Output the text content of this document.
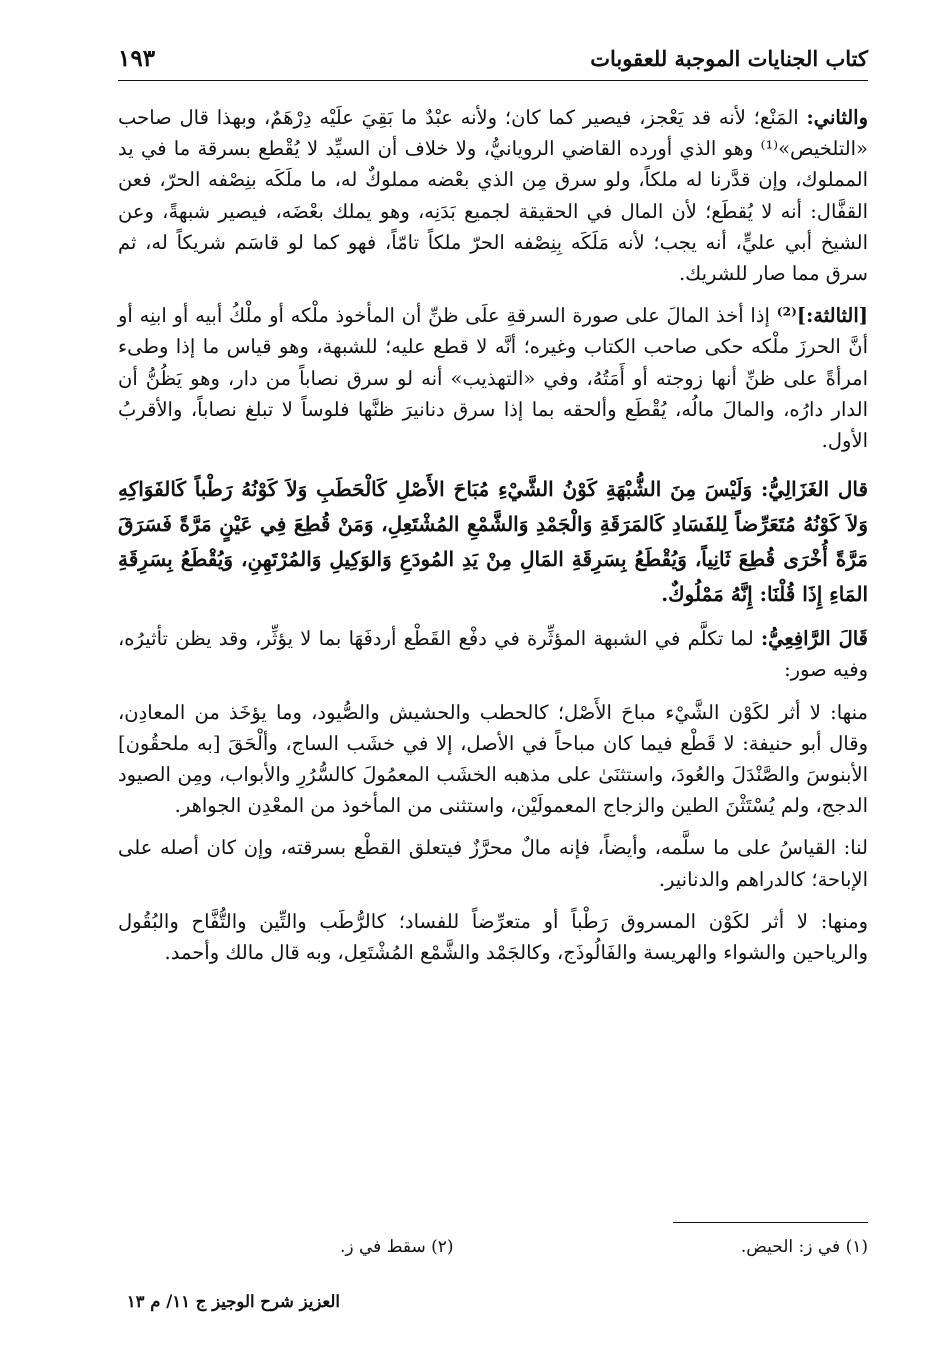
كتاب الجنايات الموجبة للعقوبات
١٩٣

والثاني: المَنْع؛ لأنه قد يَعْجز، فيصير كما كان؛ ولأنه عبْدٌ ما بَقِيَ علَيْه دِرْهَمٌ، وبهذا قال صاحب «التلخيص»⁽¹⁾ وهو الذي أورده القاضي الرويانيُّ، ولا خلاف أن السيِّد لا يُقْطع بسرقة ما في يد المملوك، وإن قدَّرنا له ملكاً، ولو سرق مِن الذي بعْضه مملوكٌ له، ما ملَكَه بنِصْفه الحرّ، فعن القفَّال: أنه لا يُقطَع؛ لأن المال في الحقيقة لجميع بَدَنِه، وهو يملك بعْضَه، فيصير شبهةً، وعن الشيخ أبي عليٍّ، أنه يجب؛ لأنه مَلَكَه بِنِصْفه الحرّ ملكاً تامّاً، فهو كما لو قاسَم شريكاً له، ثم سرق مما صار للشريك.

[الثالثة:]⁽²⁾ إذا أخذ المالَ على صورة السرقةِ علَى ظنِّ أن المأخوذ ملْكه أو ملْكُ أبيه أو ابنِه أو أنَّ الحرزَ ملْكه حكى صاحب الكتاب وغيره؛ أنَّه لا قطع عليه؛ للشبهة، وهو قياس ما إذا وطىء امرأةً على ظنِّ أنها زوجته أو أَمَتُهُ، وفي «التهذيب» أنه لو سرق نصاباً من دار، وهو يَظُنُّ أن الدار دارُه، والمالَ مالُه، يُقْطَع وألحقه بما إذا سرق دنانيرَ ظنَّها فلوساً لا تبلغ نصاباً، والأقربُ الأول.

قال الغَزَالِيُّ: وَلَيْسَ مِنَ الشُّبْهَةِ كَوْنُ الشَّيْءِ مُبَاحَ الأَصْلِ كَالْحَطَبِ وَلاَ كَوْنُهُ رَطْباً كَالفَوَاكِهِ وَلاَ كَوْنُهُ مُتَعَرِّضاً لِلفَسَادِ كَالمَرَقَةِ وَالْجَمْدِ وَالشَّمْعِ المُشْتَعِلِ، وَمَنْ قُطِعَ فِي عَيْنٍ مَرَّةً فَسَرَقَ مَرَّةً أُخْرَى قُطِعَ ثَانِياً، وَيُقْطَعُ بِسَرِقَةِ المَالِ مِنْ يَدِ المُودَعِ وَالوَكِيلِ وَالمُرْتَهِنِ، وَيُقْطَعُ بِسَرِقَةِ المَاءِ إِذَا قُلْنَا: إِنَّهُ مَمْلُوكٌ.

قَالَ الرَّافِعِيُّ: لما تكلَّم في الشبهة المؤثِّرة في دفْع القَطْع أردفَهَا بما لا يؤثِّر، وقد يظن تأثيرُه، وفيه صور:

منها: لا أثر لكَوْن الشَّيْء مباحَ الأَصْل؛ كالحطب والحشيش والصُّيود، وما يؤخَذ من المعادِن، وقال أبو حنيفة: لا قَطْع فيما كان مباحاً في الأصل، إلا في خشَب الساج، وألْحَقَ [به ملحقُون] الأبنوسَ والصَّنْدَلَ والعُودَ، واستثنَىٰ على مذهبه الخشَب المعمُولَ كالسُّرُرِ والأبواب، ومِن الصيود الدجج، ولم يُسْتَثْنَ الطين والزجاج المعمولَيْن، واستثنى من المأخوذ من المعْدِن الجواهر.

لنا: القياسُ على ما سلَّمه، وأيضاً، فإنه مالٌ محرَّزٌ فيتعلق القطْع بسرقته، وإن كان أصله على الإباحة؛ كالدراهم والدنانير.

ومنها: لا أثر لكَوْن المسروق رَطْباً أو متعرِّضاً للفساد؛ كالرُّطَب والتِّين والتُّفَّاح والبُقُول والرياحين والشواء والهريسة والفَالُوذَج، وكالجَمْد والشَّمْع المُشْتَعِل، وبه قال مالك وأحمد.

(١) في ز: الحيض.
(٢) سقط في ز.
العزيز شرح الوجيز ج ١١/ م ١٣
